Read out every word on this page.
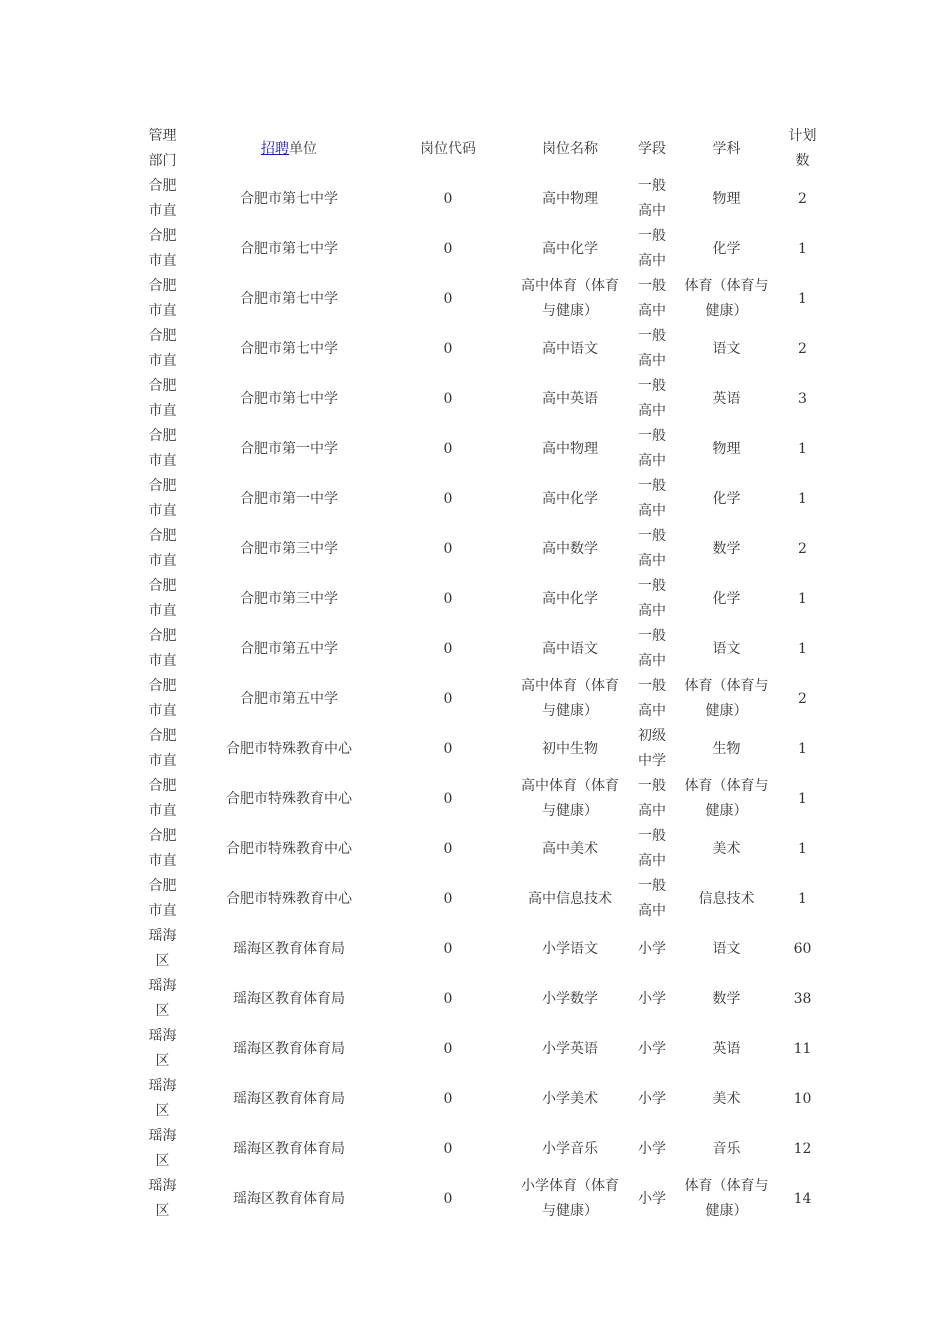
管理部门	招聘单位	岗位代码	岗位名称	学段	学科	计划数
合肥市直	合肥市第七中学	0	高中物理	一般高中	物理	2
合肥市直	合肥市第七中学	0	高中化学	一般高中	化学	1
合肥市直	合肥市第七中学	0	高中体育（体育与健康）	一般高中	体育（体育与健康）	1
合肥市直	合肥市第七中学	0	高中语文	一般高中	语文	2
合肥市直	合肥市第七中学	0	高中英语	一般高中	英语	3
合肥市直	合肥市第一中学	0	高中物理	一般高中	物理	1
合肥市直	合肥市第一中学	0	高中化学	一般高中	化学	1
合肥市直	合肥市第三中学	0	高中数学	一般高中	数学	2
合肥市直	合肥市第三中学	0	高中化学	一般高中	化学	1
合肥市直	合肥市第五中学	0	高中语文	一般高中	语文	1
合肥市直	合肥市第五中学	0	高中体育（体育与健康）	一般高中	体育（体育与健康）	2
合肥市直	合肥市特殊教育中心	0	初中生物	初级中学	生物	1
合肥市直	合肥市特殊教育中心	0	高中体育（体育与健康）	一般高中	体育（体育与健康）	1
合肥市直	合肥市特殊教育中心	0	高中美术	一般高中	美术	1
合肥市直	合肥市特殊教育中心	0	高中信息技术	一般高中	信息技术	1
瑶海区	瑶海区教育体育局	0	小学语文	小学	语文	60
瑶海区	瑶海区教育体育局	0	小学数学	小学	数学	38
瑶海区	瑶海区教育体育局	0	小学英语	小学	英语	11
瑶海区	瑶海区教育体育局	0	小学美术	小学	美术	10
瑶海区	瑶海区教育体育局	0	小学音乐	小学	音乐	12
瑶海区	瑶海区教育体育局	0	小学体育（体育与健康）	小学	体育（体育与健康）	14
